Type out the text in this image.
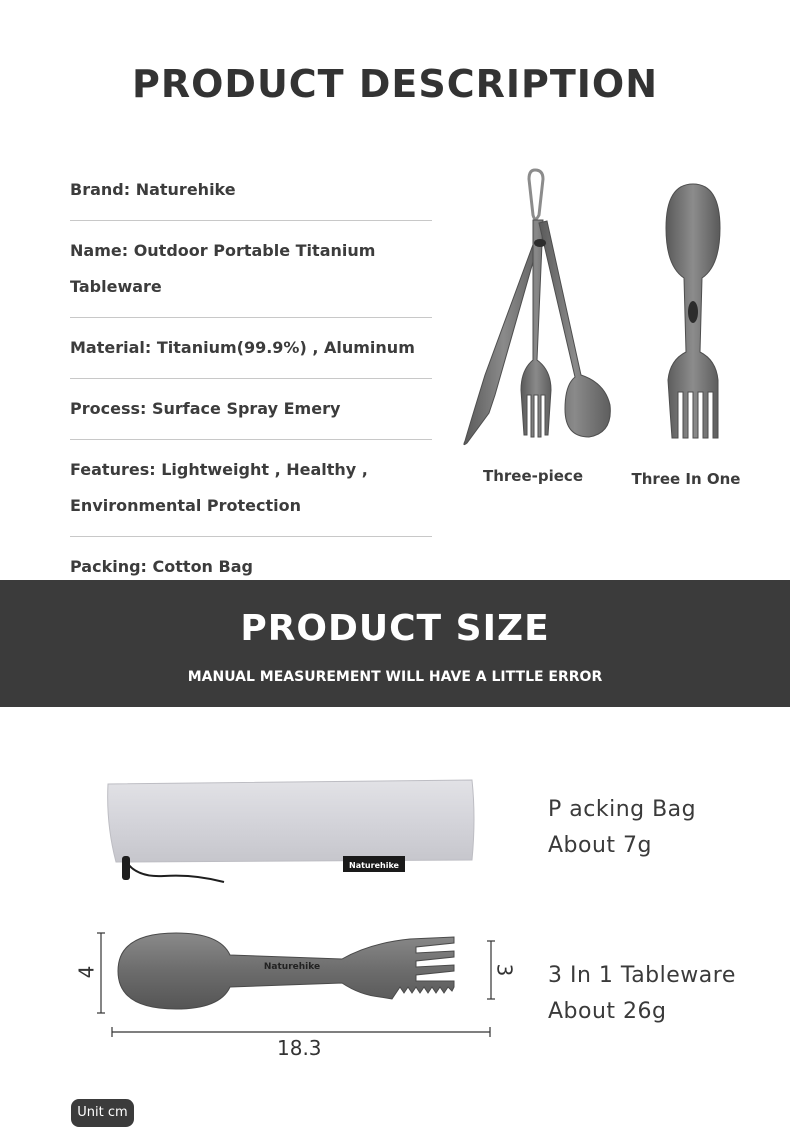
PRODUCT DESCRIPTION
Brand: Naturehike
Name: Outdoor Portable Titanium Tableware
Material: Titanium(99.9%) , Aluminum
Process: Surface Spray Emery
Features: Lightweight , Healthy , Environmental Protection
Packing: Cotton Bag
Three-piece	Three In One
PRODUCT SIZE
MANUAL MEASUREMENT WILL HAVE A LITTLE ERROR
Naturehike
P acking Bag
About 7g
Naturehike
4	3
18.3
3 In 1 Tableware
About 26g
Unit cm
